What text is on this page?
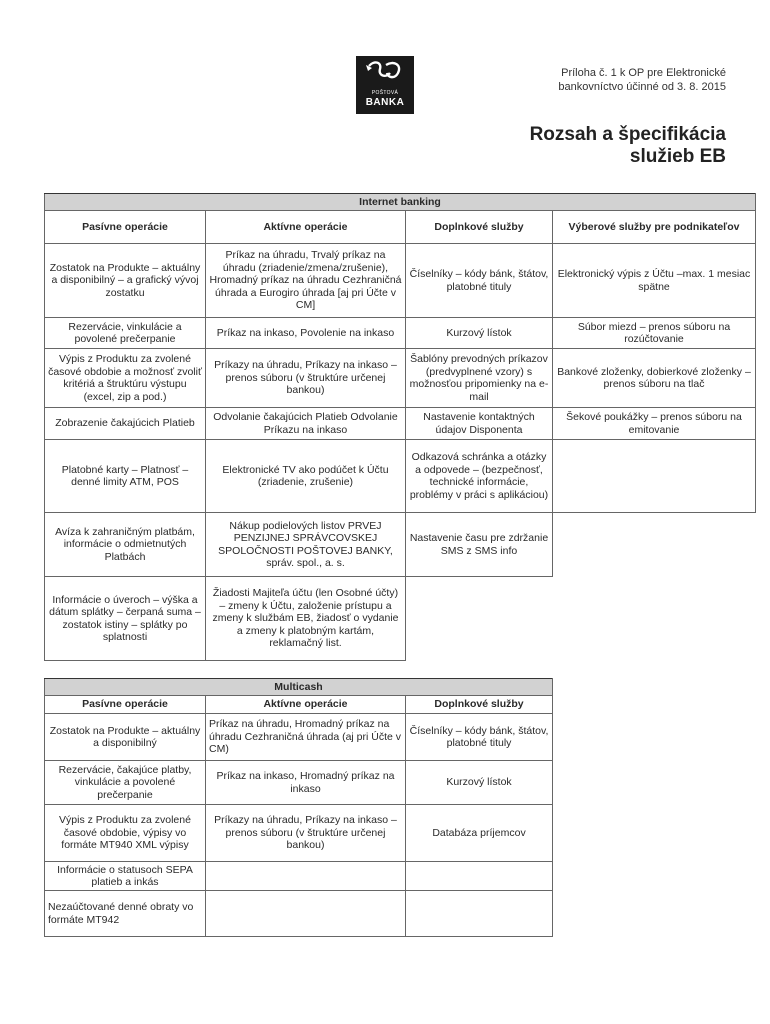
POŠTOVÁ
BANKA
Príloha č. 1 k OP pre Elektronické
bankovníctvo účinné od 3. 8. 2015
Rozsah a špecifikácia
služieb EB
Internet banking			
Pasívne operácie	Aktívne operácie	Doplnkové služby	Výberové služby pre podnikateľov
Zostatok na Produkte – aktuálny a disponibilný – a grafický vývoj zostatku	Príkaz na úhradu, Trvalý príkaz na úhradu (zriadenie/zmena/zrušenie), Hromadný príkaz na úhradu Cezhraničná úhrada a Eurogiro úhrada [aj pri Účte v CM]	Číselníky – kódy bánk, štátov, platobné tituly	Elektronický výpis z Účtu –max. 1 mesiac spätne
Rezervácie, vinkulácie a povolené prečerpanie	Príkaz na inkaso, Povolenie na inkaso	Kurzový lístok	Súbor miezd – prenos súboru na rozúčtovanie
Výpis z Produktu za zvolené časové obdobie a možnosť zvoliť kritériá a štruktúru výstupu (excel, zip a pod.)	Príkazy na úhradu, Príkazy na inkaso – prenos súboru (v štruktúre určenej bankou)	Šablóny prevodných príkazov (predvyplnené vzory) s možnosťou pripomienky na e-mail	Bankové zloženky, dobierkové zloženky – prenos súboru na tlač
Zobrazenie čakajúcich Platieb	Odvolanie čakajúcich Platieb Odvolanie Príkazu na inkaso	Nastavenie kontaktných údajov Disponenta	Šekové poukážky – prenos súboru na emitovanie
Platobné karty – Platnosť – denné limity ATM, POS	Elektronické TV ako podúčet k Účtu (zriadenie, zrušenie)	Odkazová schránka a otázky a odpovede – (bezpečnosť, technické informácie, problémy v práci s aplikáciou)	
Avíza k zahraničným platbám, informácie o odmietnutých Platbách	Nákup podielových listov PRVEJ PENZIJNEJ SPRÁVCOVSKEJ SPOLOČNOSTI POŠTOVEJ BANKY, správ. spol., a. s.	Nastavenie času pre zdržanie SMS z SMS info	
Informácie o úveroch – výška a dátum splátky – čerpaná suma – zostatok istiny – splátky po splatnosti	Žiadosti Majiteľa účtu (len Osobné účty) – zmeny k Účtu, založenie prístupu a zmeny k službám EB, žiadosť o vydanie a zmeny k platobným kartám, reklamačný list.		
Multicash		
Pasívne operácie	Aktívne operácie	Doplnkové služby
Zostatok na Produkte – aktuálny a disponibilný	Príkaz na úhradu, Hromadný príkaz na úhradu Cezhraničná úhrada (aj pri Účte v CM)	Číselníky – kódy bánk, štátov, platobné tituly
Rezervácie, čakajúce platby, vinkulácie a povolené prečerpanie	Príkaz na inkaso, Hromadný príkaz na inkaso	Kurzový lístok
Výpis z Produktu za zvolené časové obdobie, výpisy vo formáte MT940 XML výpisy	Príkazy na úhradu, Príkazy na inkaso – prenos súboru (v štruktúre určenej bankou)	Databáza príjemcov
Informácie o statusoch SEPA platieb a inkás		
Nezaúčtované denné obraty vo formáte MT942		
